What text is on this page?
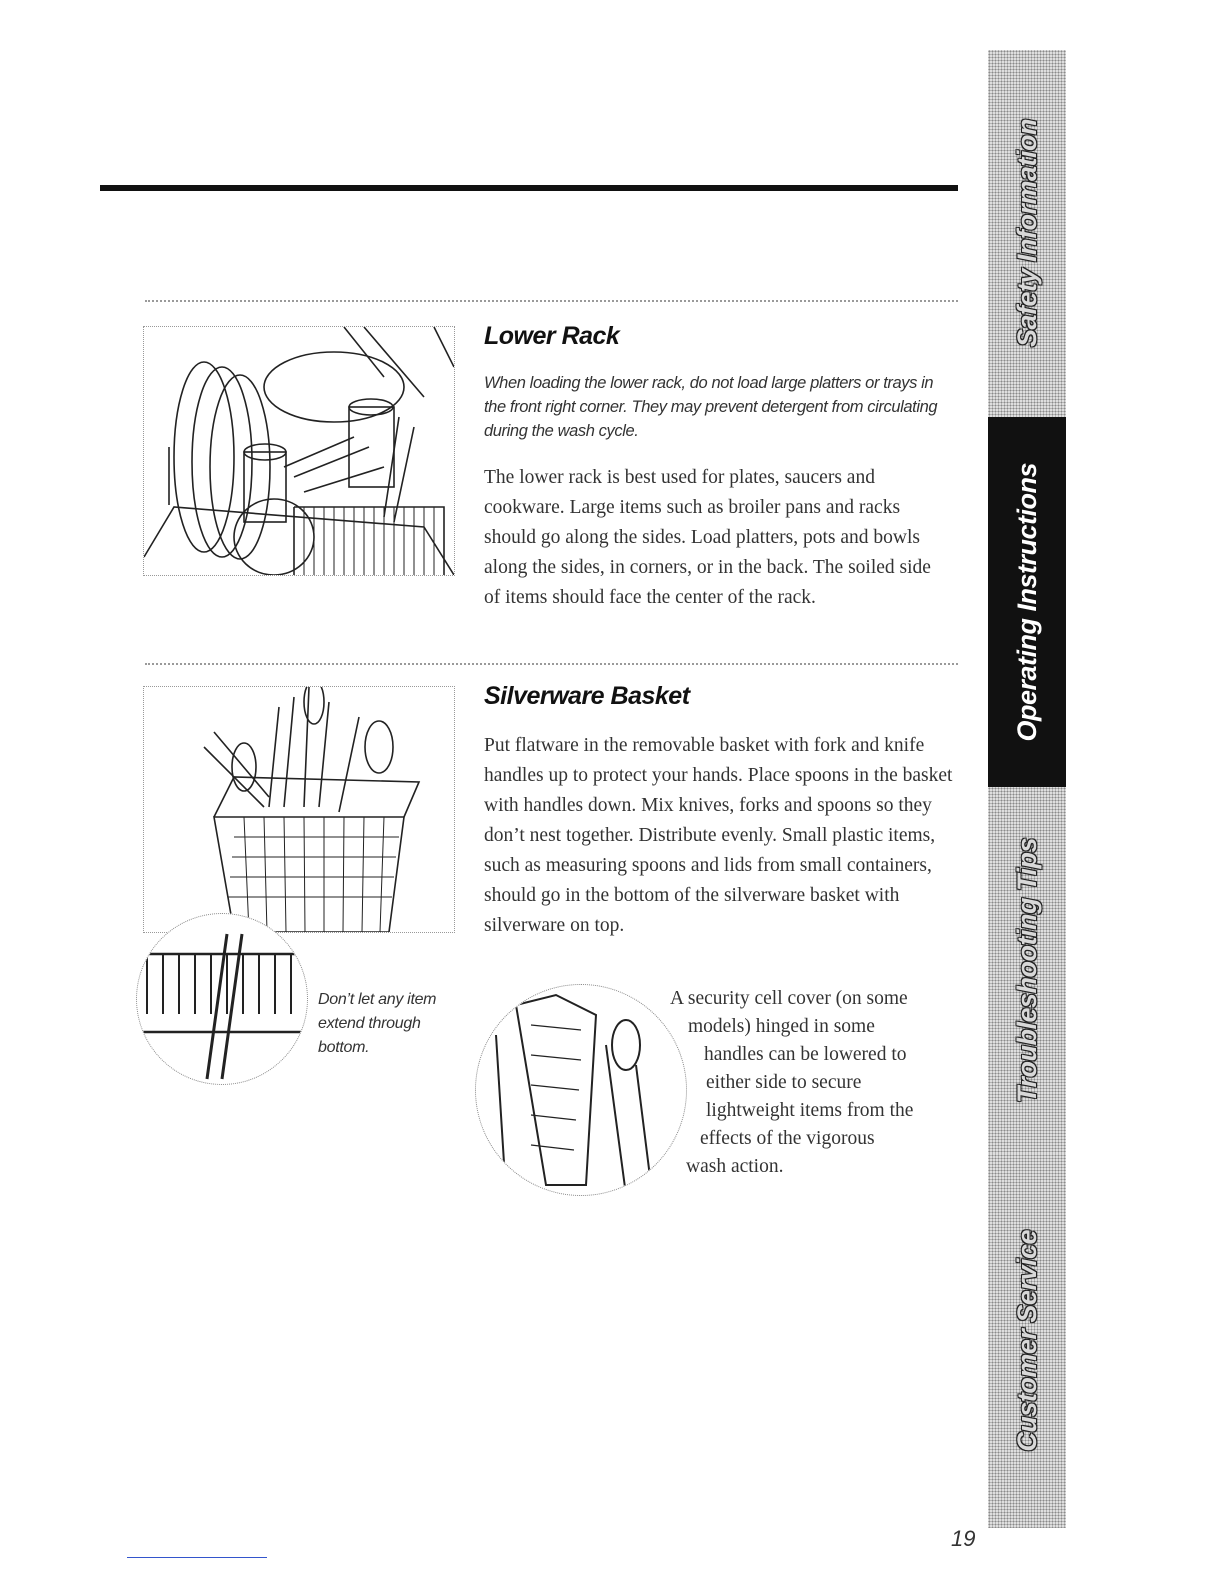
Lower Rack

When loading the lower rack, do not load large platters or trays in the front right corner. They may prevent detergent from circulating during the wash cycle.

The lower rack is best used for plates, saucers and cookware. Large items such as broiler pans and racks should go along the sides. Load platters, pots and bowls along the sides, in corners, or in the back. The soiled side of items should face the center of the rack.

Don’t let any item extend through bottom.

Silverware Basket

Put flatware in the removable basket with fork and knife handles up to protect your hands. Place spoons in the basket with handles down. Mix knives, forks and spoons so they don’t nest together. Distribute evenly. Small plastic items, such as measuring spoons and lids from small containers, should go in the bottom of the silverware basket with silverware on top.

A security cell cover (on some
models) hinged in some
handles can be lowered to
either side to secure
lightweight items from the
effects of the vigorous
wash action.
Safety Information
Operating Instructions
Troubleshooting Tips
Customer Service

19
